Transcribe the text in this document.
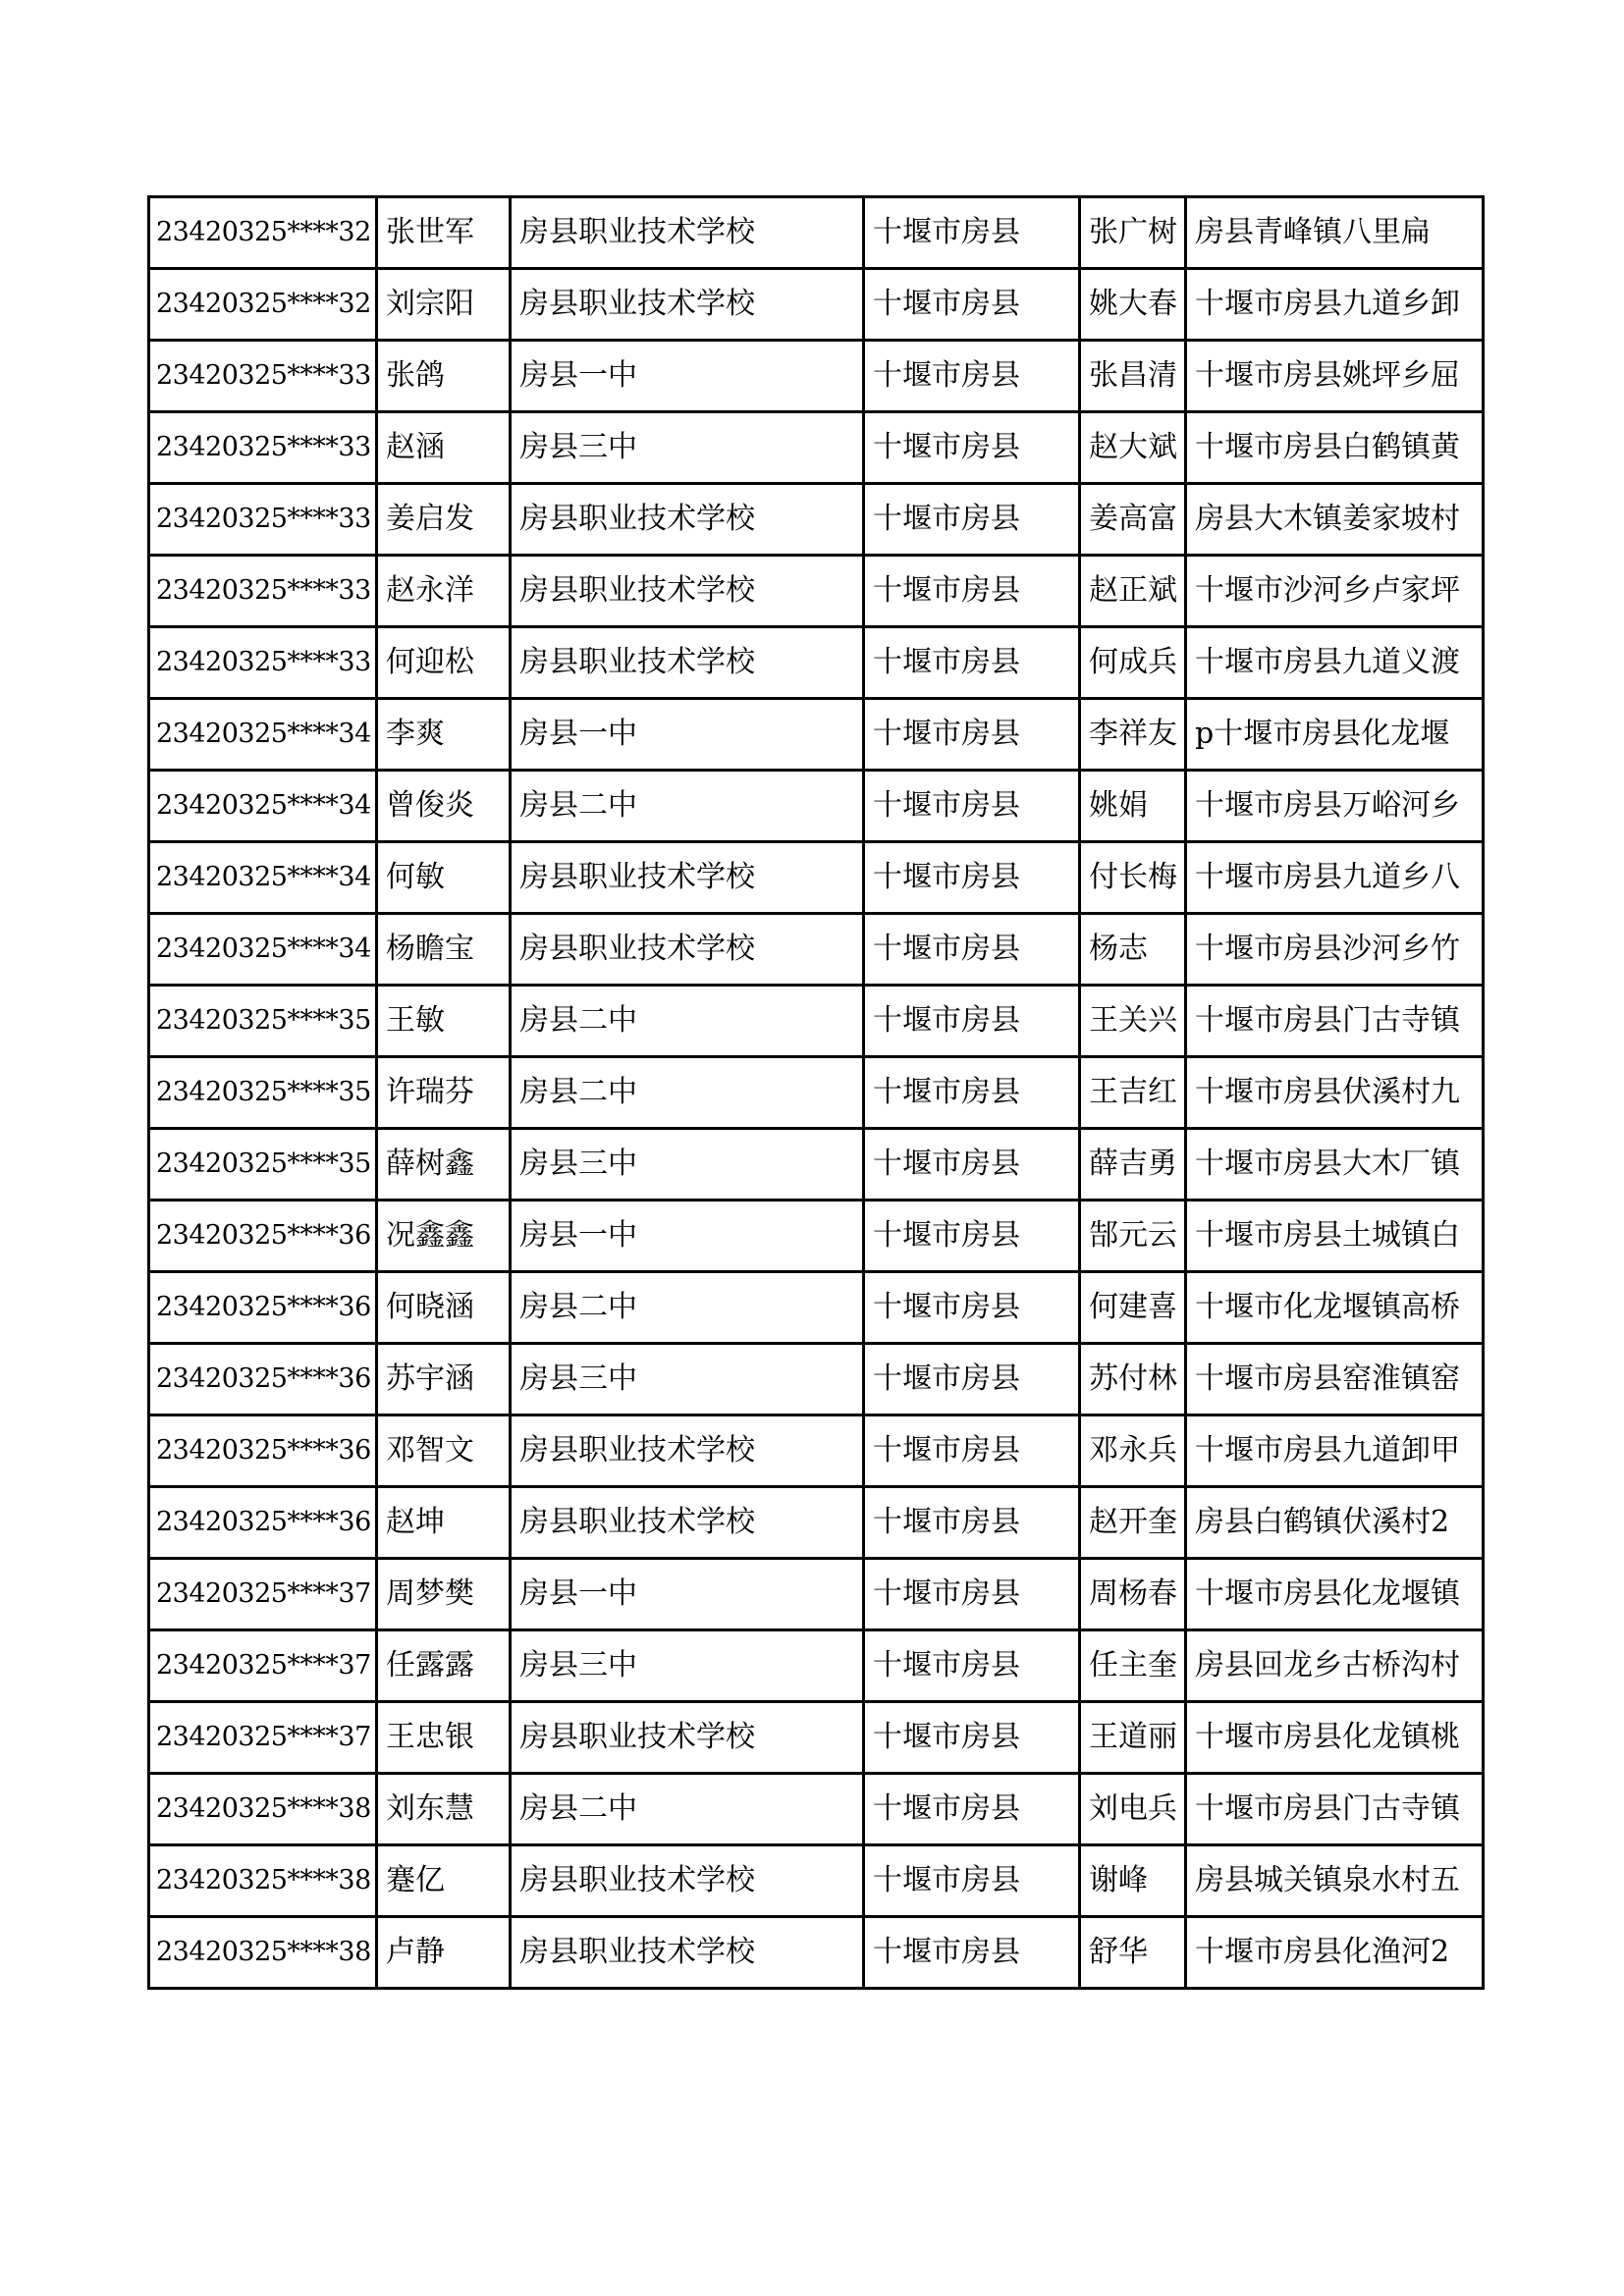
23420325****32	张世军	房县职业技术学校	十堰市房县	张广树	房县青峰镇八里扁
23420325****32	刘宗阳	房县职业技术学校	十堰市房县	姚大春	十堰市房县九道乡卸
23420325****33	张鸽	房县一中	十堰市房县	张昌清	十堰市房县姚坪乡屈
23420325****33	赵涵	房县三中	十堰市房县	赵大斌	十堰市房县白鹤镇黄
23420325****33	姜启发	房县职业技术学校	十堰市房县	姜高富	房县大木镇姜家坡村
23420325****33	赵永洋	房县职业技术学校	十堰市房县	赵正斌	十堰市沙河乡卢家坪
23420325****33	何迎松	房县职业技术学校	十堰市房县	何成兵	十堰市房县九道义渡
23420325****34	李爽	房县一中	十堰市房县	李祥友	p十堰市房县化龙堰
23420325****34	曾俊炎	房县二中	十堰市房县	姚娟	十堰市房县万峪河乡
23420325****34	何敏	房县职业技术学校	十堰市房县	付长梅	十堰市房县九道乡八
23420325****34	杨瞻宝	房县职业技术学校	十堰市房县	杨志	十堰市房县沙河乡竹
23420325****35	王敏	房县二中	十堰市房县	王关兴	十堰市房县门古寺镇
23420325****35	许瑞芬	房县二中	十堰市房县	王吉红	十堰市房县伏溪村九
23420325****35	薛树鑫	房县三中	十堰市房县	薛吉勇	十堰市房县大木厂镇
23420325****36	况鑫鑫	房县一中	十堰市房县	郜元云	十堰市房县土城镇白
23420325****36	何晓涵	房县二中	十堰市房县	何建喜	十堰市化龙堰镇高桥
23420325****36	苏宇涵	房县三中	十堰市房县	苏付林	十堰市房县窑淮镇窑
23420325****36	邓智文	房县职业技术学校	十堰市房县	邓永兵	十堰市房县九道卸甲
23420325****36	赵坤	房县职业技术学校	十堰市房县	赵开奎	房县白鹤镇伏溪村2
23420325****37	周梦樊	房县一中	十堰市房县	周杨春	十堰市房县化龙堰镇
23420325****37	任露露	房县三中	十堰市房县	任主奎	房县回龙乡古桥沟村
23420325****37	王忠银	房县职业技术学校	十堰市房县	王道丽	十堰市房县化龙镇桃
23420325****38	刘东慧	房县二中	十堰市房县	刘电兵	十堰市房县门古寺镇
23420325****38	蹇亿	房县职业技术学校	十堰市房县	谢峰	房县城关镇泉水村五
23420325****38	卢静	房县职业技术学校	十堰市房县	舒华	十堰市房县化渔河2
